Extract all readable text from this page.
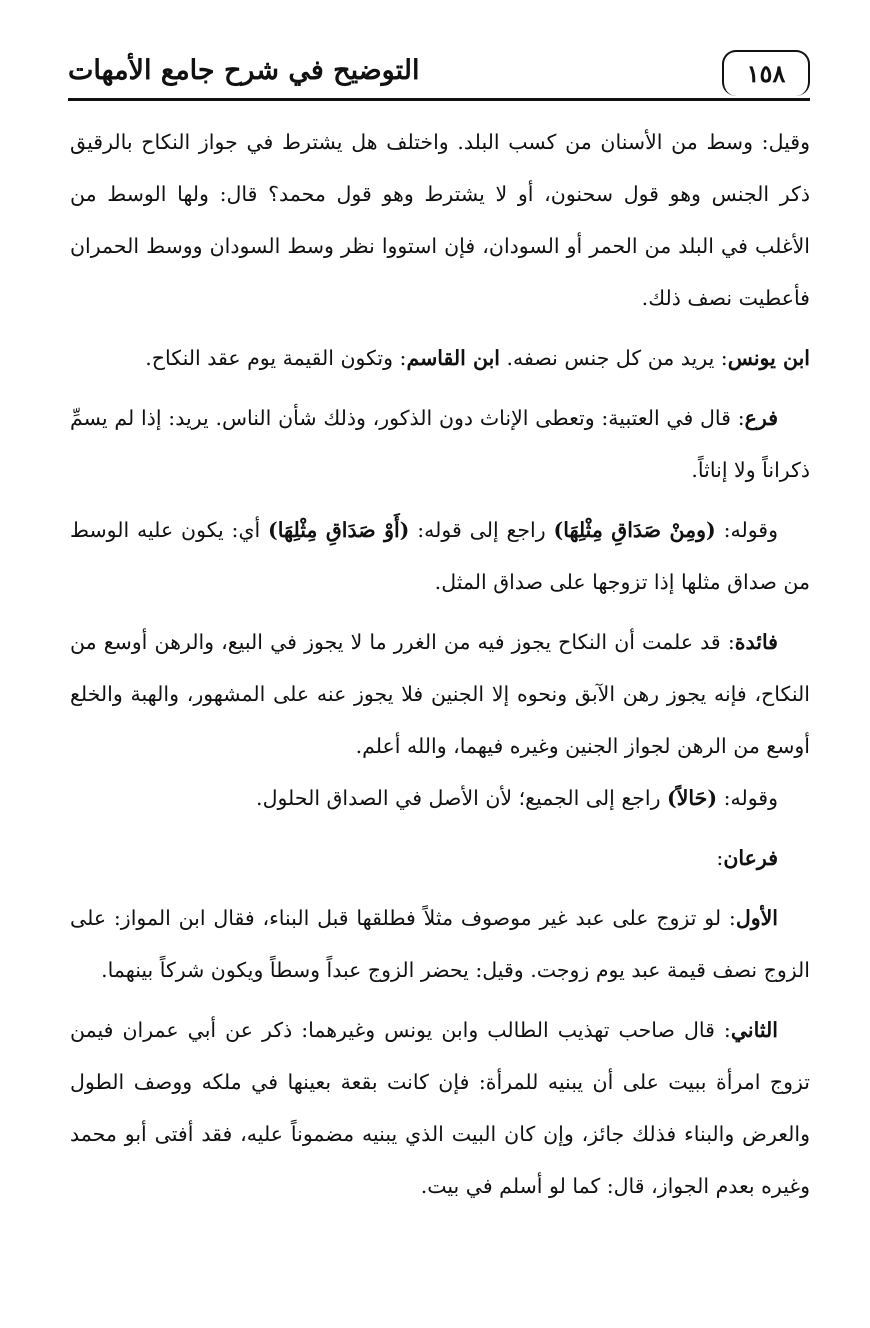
١٥٨
التوضيح في شرح جامع الأمهات

وقيل: وسط من الأسنان من كسب البلد. واختلف هل يشترط في جواز النكاح بالرقيق ذكر الجنس وهو قول سحنون، أو لا يشترط وهو قول محمد؟ قال: ولها الوسط من الأغلب في البلد من الحمر أو السودان، فإن استووا نظر وسط السودان ووسط الحمران فأعطيت نصف ذلك.

ابن يونس: يريد من كل جنس نصفه. ابن القاسم: وتكون القيمة يوم عقد النكاح.

فرع: قال في العتبية: وتعطى الإناث دون الذكور، وذلك شأن الناس. يريد: إذا لم يسمِّ ذكراناً ولا إناثاً.

وقوله: (ومِنْ صَدَاقِ مِثْلِهَا) راجع إلى قوله: (أَوْ صَدَاقِ مِثْلِهَا) أي: يكون عليه الوسط من صداق مثلها إذا تزوجها على صداق المثل.

فائدة: قد علمت أن النكاح يجوز فيه من الغرر ما لا يجوز في البيع، والرهن أوسع من النكاح، فإنه يجوز رهن الآبق ونحوه إلا الجنين فلا يجوز عنه على المشهور، والهبة والخلع أوسع من الرهن لجواز الجنين وغيره فيهما، والله أعلم.

وقوله: (حَالاً) راجع إلى الجميع؛ لأن الأصل في الصداق الحلول.

فرعان:

الأول: لو تزوج على عبد غير موصوف مثلاً فطلقها قبل البناء، فقال ابن المواز: على الزوج نصف قيمة عبد يوم زوجت. وقيل: يحضر الزوج عبداً وسطاً ويكون شركاً بينهما.

الثاني: قال صاحب تهذيب الطالب وابن يونس وغيرهما: ذكر عن أبي عمران فيمن تزوج امرأة ببيت على أن يبنيه للمرأة: فإن كانت بقعة بعينها في ملكه ووصف الطول والعرض والبناء فذلك جائز، وإن كان البيت الذي يبنيه مضموناً عليه، فقد أفتى أبو محمد وغيره بعدم الجواز، قال: كما لو أسلم في بيت.
